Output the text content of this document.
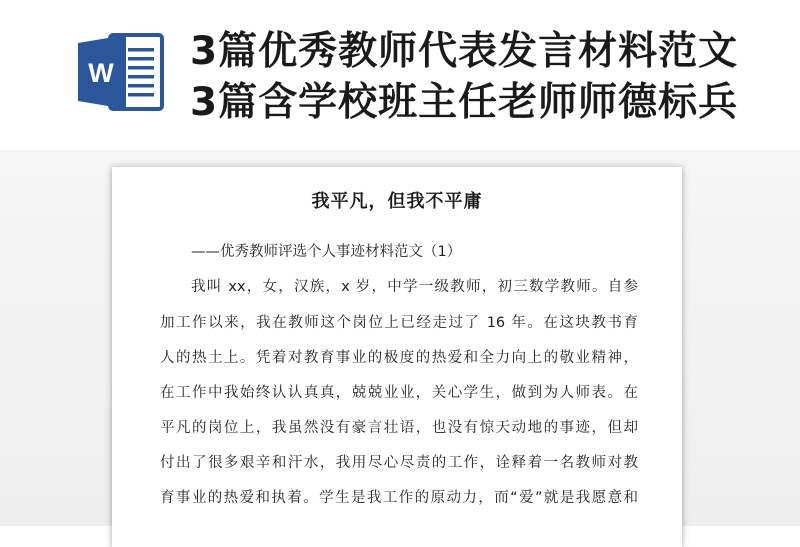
W 3篇优秀教师代表发言材料范文
3篇含学校班主任老师师德标兵
我平凡，但我不平庸
——优秀教师评选个人事迹材料范文（1）
我叫 xx，女，汉族，x 岁，中学一级教师，初三数学教师。自参
加工作以来，我在教师这个岗位上已经走过了 16 年。在这块教书育
人的热土上。凭着对教育事业的极度的热爱和全力向上的敬业精神，
在工作中我始终认认真真，兢兢业业，关心学生，做到为人师表。在
平凡的岗位上，我虽然没有豪言壮语，也没有惊天动地的事迹，但却
付出了很多艰辛和汗水，我用尽心尽责的工作，诠释着一名教师对教
育事业的热爱和执着。学生是我工作的原动力，而“爱”就是我愿意和
